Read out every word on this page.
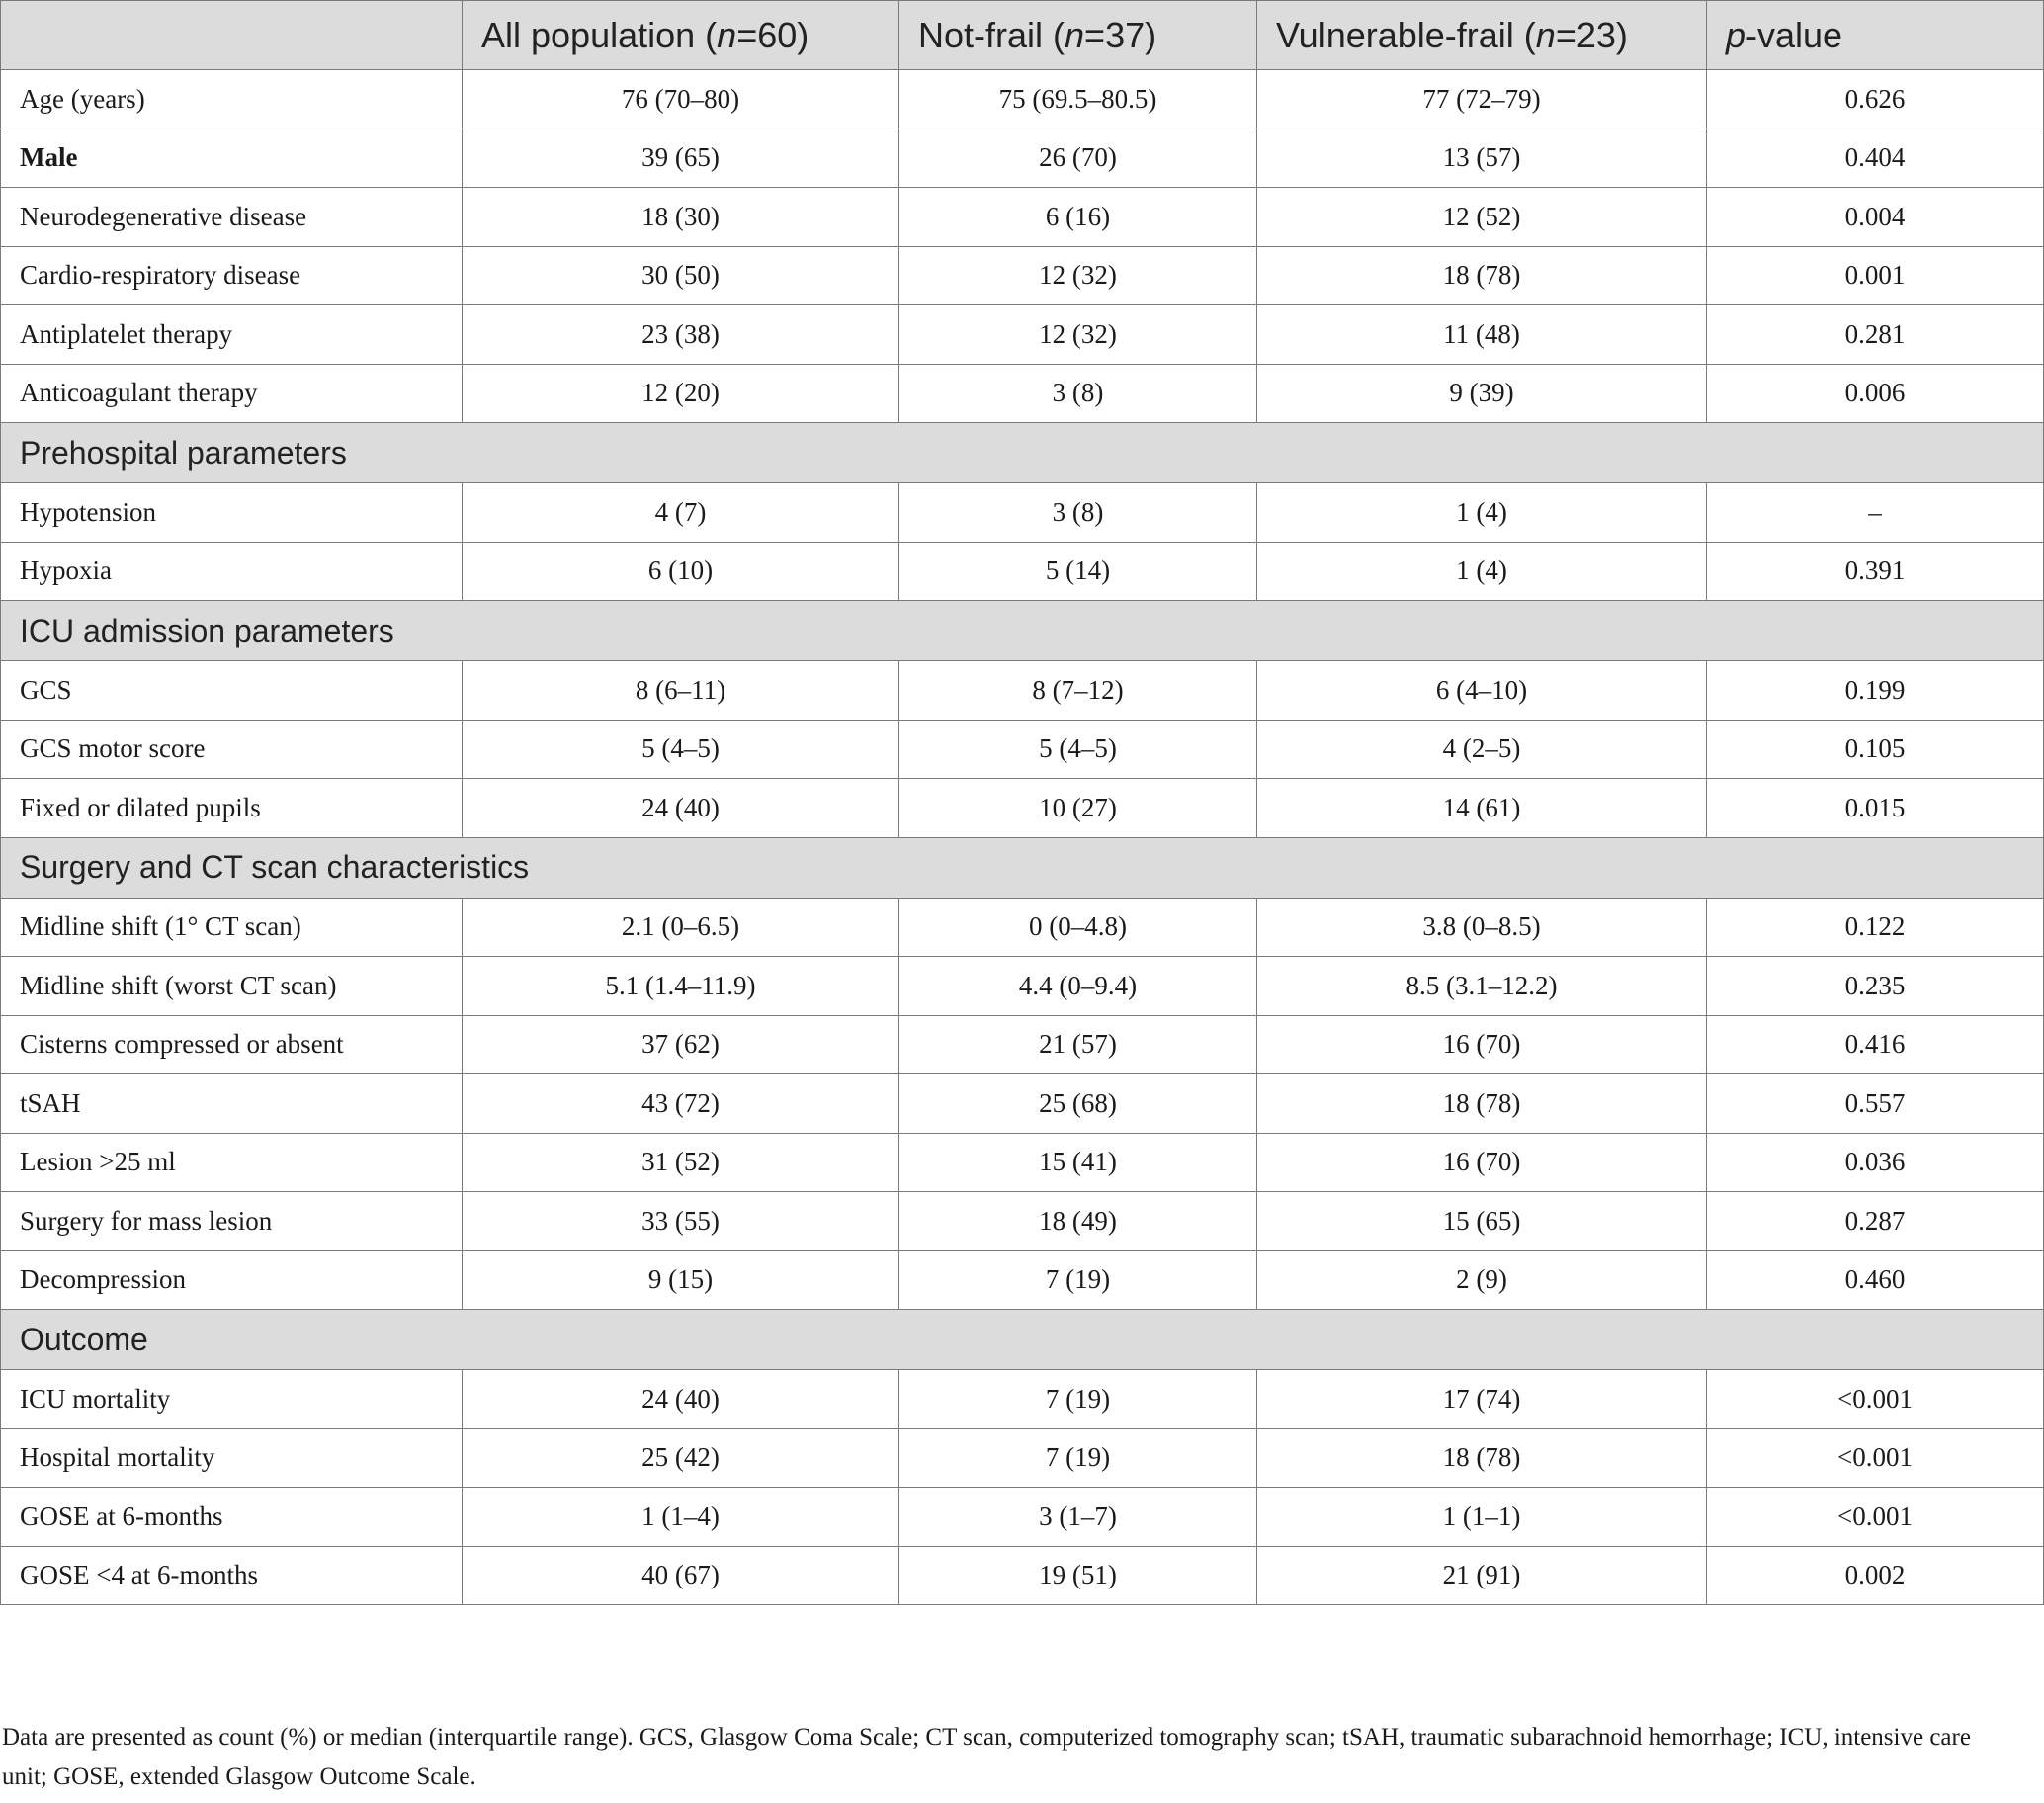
	All population (n=60)	Not-frail (n=37)	Vulnerable-frail (n=23)	p-value
Age (years)	76 (70–80)	75 (69.5–80.5)	77 (72–79)	0.626
Male	39 (65)	26 (70)	13 (57)	0.404
Neurodegenerative disease	18 (30)	6 (16)	12 (52)	0.004
Cardio-respiratory disease	30 (50)	12 (32)	18 (78)	0.001
Antiplatelet therapy	23 (38)	12 (32)	11 (48)	0.281
Anticoagulant therapy	12 (20)	3 (8)	9 (39)	0.006
Prehospital parameters				
Hypotension	4 (7)	3 (8)	1 (4)	–
Hypoxia	6 (10)	5 (14)	1 (4)	0.391
ICU admission parameters				
GCS	8 (6–11)	8 (7–12)	6 (4–10)	0.199
GCS motor score	5 (4–5)	5 (4–5)	4 (2–5)	0.105
Fixed or dilated pupils	24 (40)	10 (27)	14 (61)	0.015
Surgery and CT scan characteristics				
Midline shift (1° CT scan)	2.1 (0–6.5)	0 (0–4.8)	3.8 (0–8.5)	0.122
Midline shift (worst CT scan)	5.1 (1.4–11.9)	4.4 (0–9.4)	8.5 (3.1–12.2)	0.235
Cisterns compressed or absent	37 (62)	21 (57)	16 (70)	0.416
tSAH	43 (72)	25 (68)	18 (78)	0.557
Lesion >25 ml	31 (52)	15 (41)	16 (70)	0.036
Surgery for mass lesion	33 (55)	18 (49)	15 (65)	0.287
Decompression	9 (15)	7 (19)	2 (9)	0.460
Outcome				
ICU mortality	24 (40)	7 (19)	17 (74)	<0.001
Hospital mortality	25 (42)	7 (19)	18 (78)	<0.001
GOSE at 6-months	1 (1–4)	3 (1–7)	1 (1–1)	<0.001
GOSE <4 at 6-months	40 (67)	19 (51)	21 (91)	0.002
Data are presented as count (%) or median (interquartile range). GCS, Glasgow Coma Scale; CT scan, computerized tomography scan; tSAH, traumatic subarachnoid hemorrhage; ICU, intensive care unit; GOSE, extended Glasgow Outcome Scale.
